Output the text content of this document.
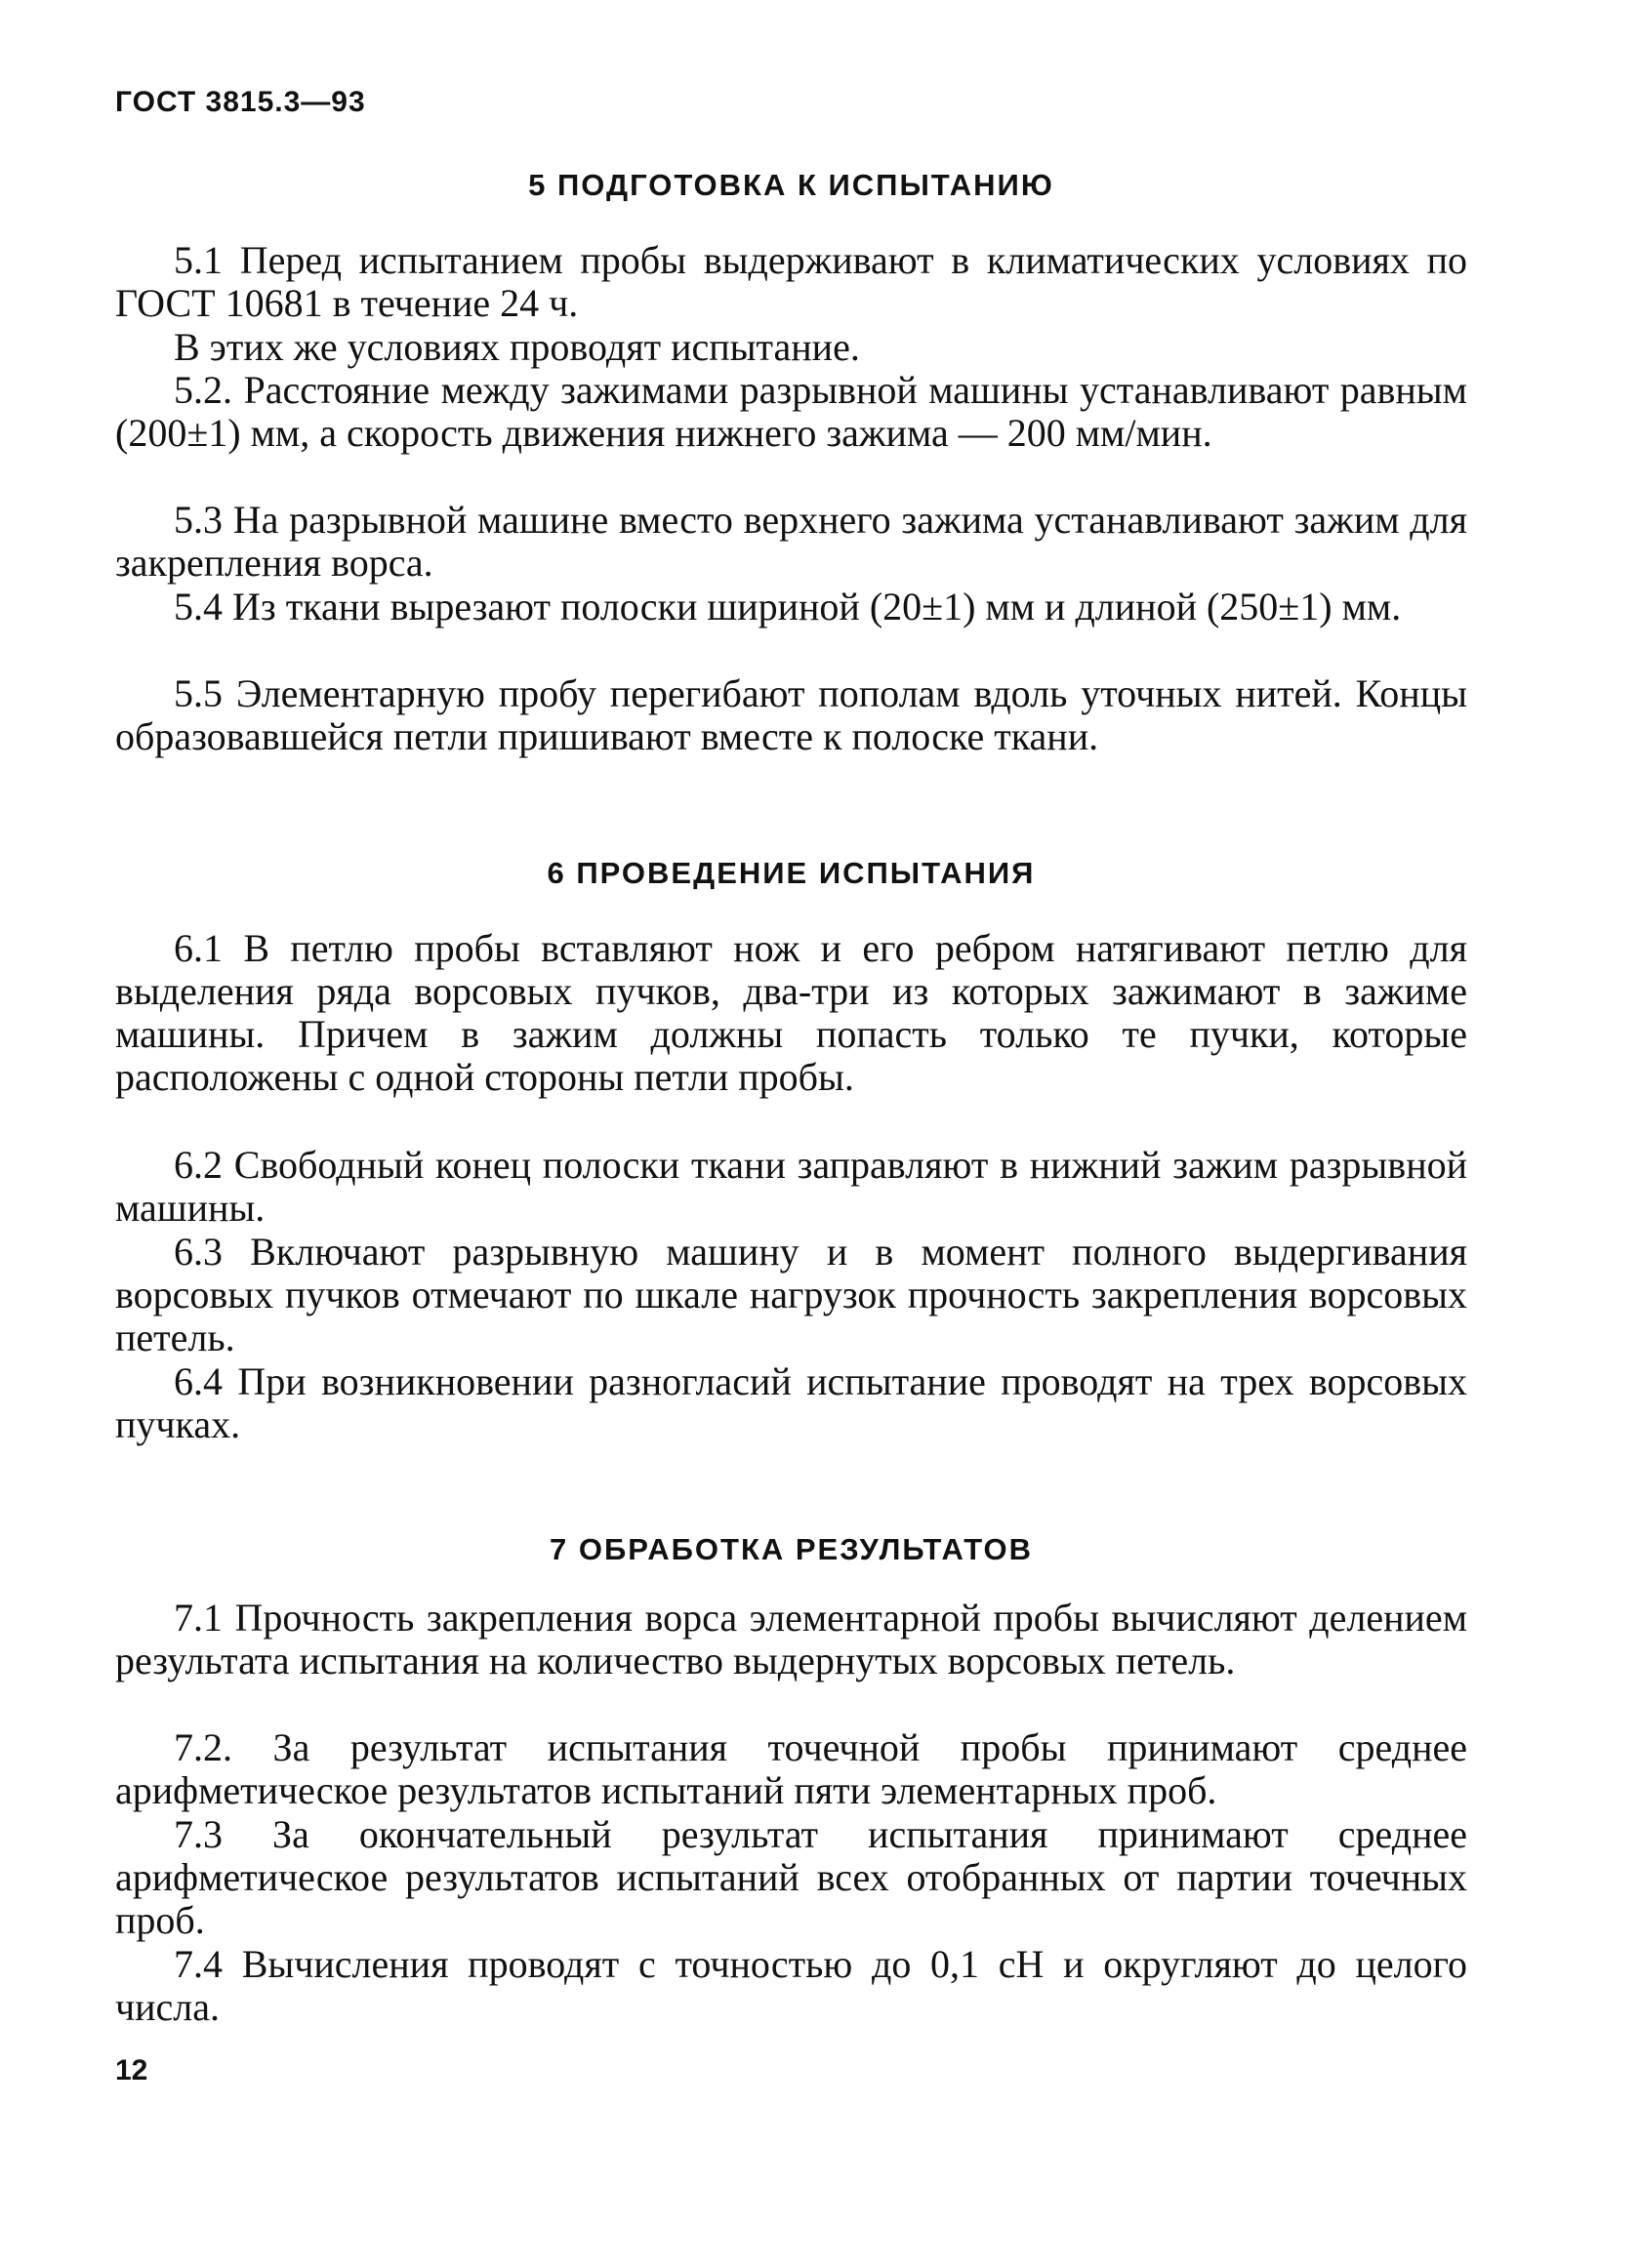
ГОСТ 3815.3—93
5 ПОДГОТОВКА К ИСПЫТАНИЮ

5.1 Перед испытанием пробы выдерживают в климатических условиях по ГОСТ 10681 в течение 24 ч.

В этих же условиях проводят испытание.

5.2. Расстояние между зажимами разрывной машины устанавливают равным (200±1) мм, а скорость движения нижнего зажима — 200 мм/мин.

5.3 На разрывной машине вместо верхнего зажима устанавливают зажим для закрепления ворса.

5.4 Из ткани вырезают полоски шириной (20±1) мм и длиной (250±1) мм.

5.5 Элементарную пробу перегибают пополам вдоль уточных нитей. Концы образовавшейся петли пришивают вместе к полоске ткани.

6 ПРОВЕДЕНИЕ ИСПЫТАНИЯ

6.1 В петлю пробы вставляют нож и его ребром натягивают петлю для выделения ряда ворсовых пучков, два-три из которых зажимают в зажиме машины. Причем в зажим должны попасть только те пучки, которые расположены с одной стороны петли пробы.

6.2 Свободный конец полоски ткани заправляют в нижний зажим разрывной машины.

6.3 Включают разрывную машину и в момент полного выдергивания ворсовых пучков отмечают по шкале нагрузок прочность закрепления ворсовых петель.

6.4 При возникновении разногласий испытание проводят на трех ворсовых пучках.

7 ОБРАБОТКА РЕЗУЛЬТАТОВ

7.1 Прочность закрепления ворса элементарной пробы вычисляют делением результата испытания на количество выдернутых ворсовых петель.

7.2. За результат испытания точечной пробы принимают среднее арифметическое результатов испытаний пяти элементарных проб.

7.3 За окончательный результат испытания принимают среднее арифметическое результатов испытаний всех отобранных от партии точечных проб.

7.4 Вычисления проводят с точностью до 0,1 сН и округляют до целого числа.

12
